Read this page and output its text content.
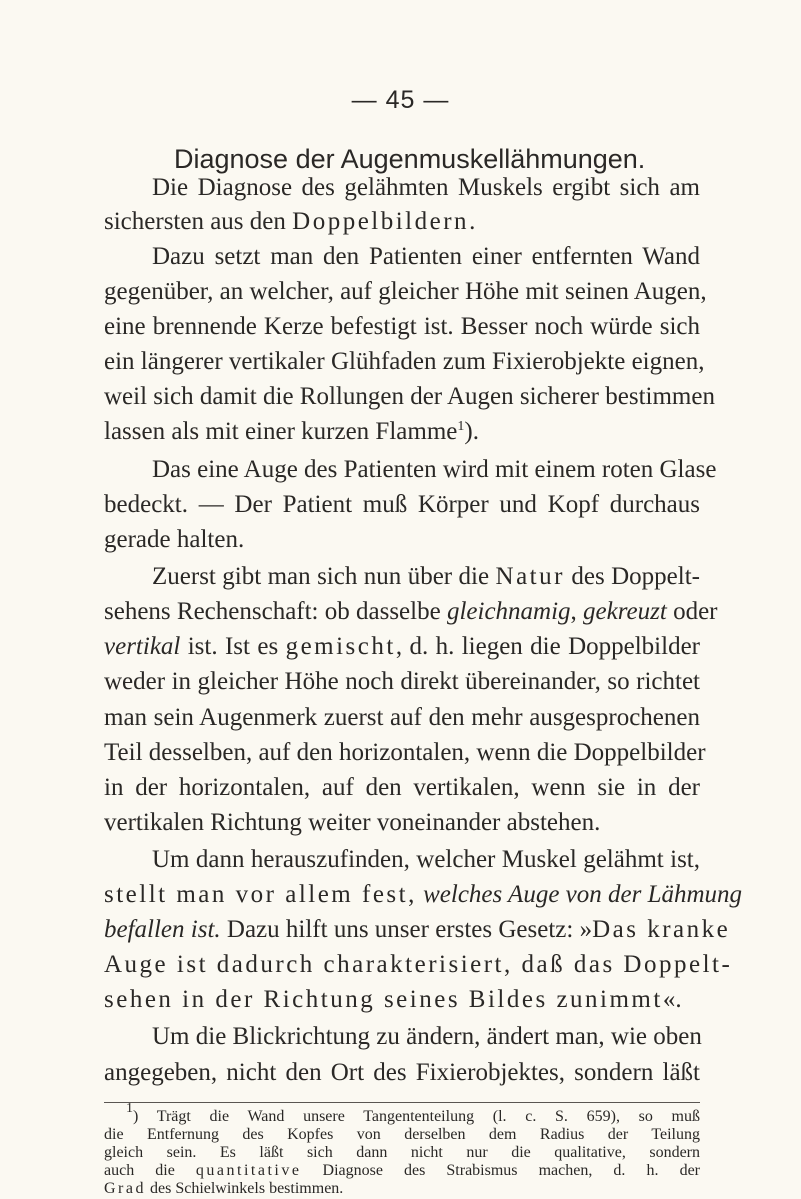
— 45 —
Diagnose der Augenmuskellähmungen.
Die Diagnose des gelähmten Muskels ergibt sich am
sichersten aus den Doppelbildern.
Dazu setzt man den Patienten einer entfernten Wand
gegenüber, an welcher, auf gleicher Höhe mit seinen Augen,
eine brennende Kerze befestigt ist. Besser noch würde sich
ein längerer vertikaler Glühfaden zum Fixierobjekte eignen,
weil sich damit die Rollungen der Augen sicherer bestimmen
lassen als mit einer kurzen Flamme$^1$).
Das eine Auge des Patienten wird mit einem roten Glase
bedeckt. — Der Patient muß Körper und Kopf durchaus
gerade halten.
Zuerst gibt man sich nun über die Natur des Doppelt-
sehens Rechenschaft: ob dasselbe gleichnamig, gekreuzt oder
vertikal ist. Ist es gemischt, d. h. liegen die Doppelbilder
weder in gleicher Höhe noch direkt übereinander, so richtet
man sein Augenmerk zuerst auf den mehr ausgesprochenen
Teil desselben, auf den horizontalen, wenn die Doppelbilder
in der horizontalen, auf den vertikalen, wenn sie in der
vertikalen Richtung weiter voneinander abstehen.
Um dann herauszufinden, welcher Muskel gelähmt ist,
stellt man vor allem fest, welches Auge von der Lähmung
befallen ist. Dazu hilft uns unser erstes Gesetz: »Das kranke
Auge ist dadurch charakterisiert, daß das Doppelt-
sehen in der Richtung seines Bildes zunimmt«.
Um die Blickrichtung zu ändern, ändert man, wie oben
angegeben, nicht den Ort des Fixierobjektes, sondern läßt
$^1$) Trägt die Wand unsere Tangententeilung (l. c. S. 659), so muß
die Entfernung des Kopfes von derselben dem Radius der Teilung
gleich sein. Es läßt sich dann nicht nur die qualitative, sondern
auch die quantitative Diagnose des Strabismus machen, d. h. der
Grad des Schielwinkels bestimmen.
